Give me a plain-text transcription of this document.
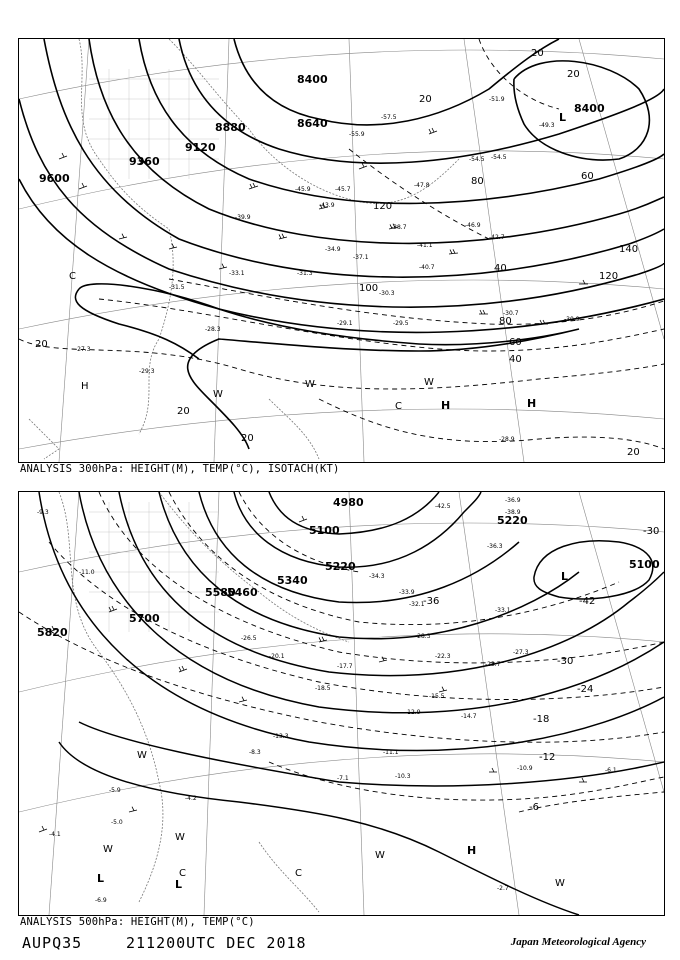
8400
8640
8880
9120
9360
9600
8400
20
40
60
80
100
120
140
120
80
60
40
20
20
20
20
20
20
-55.9
-57.5
-54.5
-47.8
-45.7
-43.9
-41.1
-38.7
-37.1
-34.9
-31.3
-29.5
-30.7
-30.9
-29.1
-28.3
-29.3
-28.9
-30.3
-42.7
-46.9
-49.3
-54.5
-51.9
-45.9
-39.9
-40.7
-33.1
-31.5
-27.3
L
H	H
C
C
W	W
W
H
ANALYSIS 300hPa: HEIGHT(M), TEMP(°C), ISOTACH(KT)
4980
5100
5220
5340
5460
5580
5700
5820
5220
5100
-30
-24
-18
-12
-6
-42
-36
-30
-34.3
-33.9
-32.1
-28.3
-22.3
-17.7
-15.5
-12.9
-11.1
-10.3
-7.1
-6.1
-10.9
-14.7
-23.7
-27.3
-36.9
-38.9
-42.5
-36.3
-33.1
-26.5
-20.1
-18.5
-13.3
-8.3
-5.9
-4.1
-2.7
-9.3
-11.0
-5.0
-6.9
-4.2
L	L
L
H
C	C
W
W
W
W
W
ANALYSIS 500hPa: HEIGHT(M), TEMP(°C)
AUPQ35	211200UTC DEC 2018	Japan Meteorological Agency
